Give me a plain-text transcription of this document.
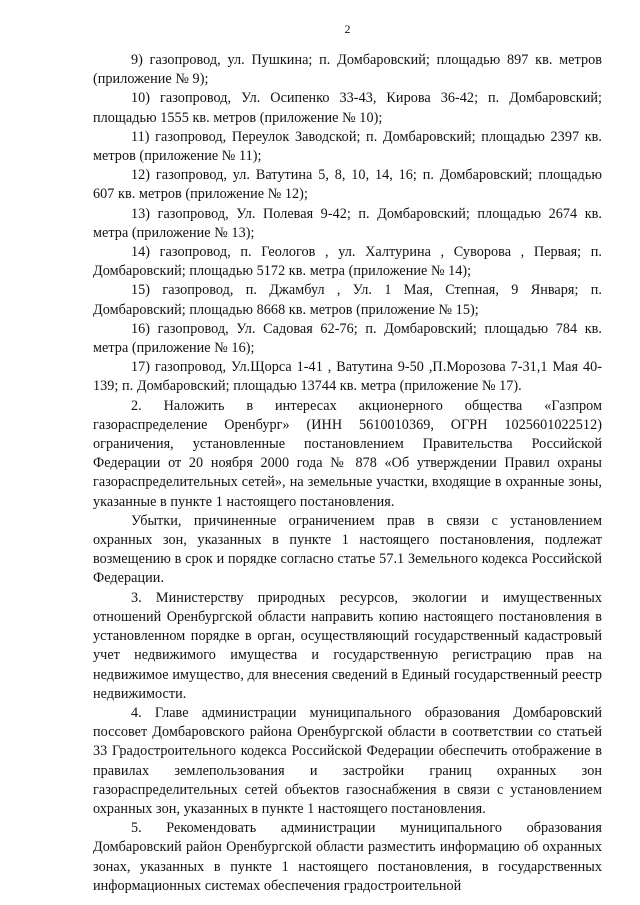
2

9) газопровод, ул. Пушкина; п. Домбаровский; площадью 897 кв. метров (приложение № 9);

10) газопровод, Ул. Осипенко 33-43, Кирова 36-42; п. Домбаровский; площадью 1555 кв. метров (приложение № 10);

11) газопровод, Переулок Заводской; п. Домбаровский; площадью 2397 кв. метров (приложение № 11);

12) газопровод, ул. Ватутина 5, 8, 10, 14, 16; п. Домбаровский; площадью 607 кв. метров (приложение № 12);

13) газопровод, Ул. Полевая 9-42; п. Домбаровский; площадью 2674 кв. метра (приложение № 13);

14) газопровод, п. Геологов , ул. Халтурина , Суворова , Первая; п. Домбаровский; площадью 5172 кв. метра (приложение № 14);

15) газопровод, п. Джамбул , Ул. 1 Мая, Степная, 9 Января; п. Домбаровский; площадью 8668 кв. метров (приложение № 15);

16) газопровод, Ул. Садовая 62-76; п. Домбаровский; площадью 784 кв. метра (приложение № 16);

17) газопровод, Ул.Щорса 1-41 , Ватутина 9-50 ,П.Морозова 7-31,1 Мая 40-139; п. Домбаровский; площадью 13744 кв. метра (приложение № 17).

2. Наложить в интересах акционерного общества «Газпром газораспределение Оренбург» (ИНН 5610010369, ОГРН 1025601022512) ограничения, установленные постановлением Правительства Российской Федерации от 20 ноября 2000 года № 878 «Об утверждении Правил охраны газораспределительных сетей», на земельные участки, входящие в охранные зоны, указанные в пункте 1 настоящего постановления.

Убытки, причиненные ограничением прав в связи с установлением охранных зон, указанных в пункте 1 настоящего постановления, подлежат возмещению в срок и порядке согласно статье 57.1 Земельного кодекса Российской Федерации.

3. Министерству природных ресурсов, экологии и имущественных отношений Оренбургской области направить копию настоящего постановления в установленном порядке в орган, осуществляющий государственный кадастровый учет недвижимого имущества и государственную регистрацию прав на недвижимое имущество, для внесения сведений в Единый государственный реестр недвижимости.

4. Главе администрации муниципального образования Домбаровский поссовет Домбаровского района Оренбургской области в соответствии со статьей 33 Градостроительного кодекса Российской Федерации обеспечить отображение в правилах землепользования и застройки границ охранных зон газораспределительных сетей объектов газоснабжения в связи с установлением охранных зон, указанных в пункте 1 настоящего постановления.

5. Рекомендовать администрации муниципального образования Домбаровский район Оренбургской области разместить информацию об охранных зонах, указанных в пункте 1 настоящего постановления, в государственных информационных системах обеспечения градостроительной
